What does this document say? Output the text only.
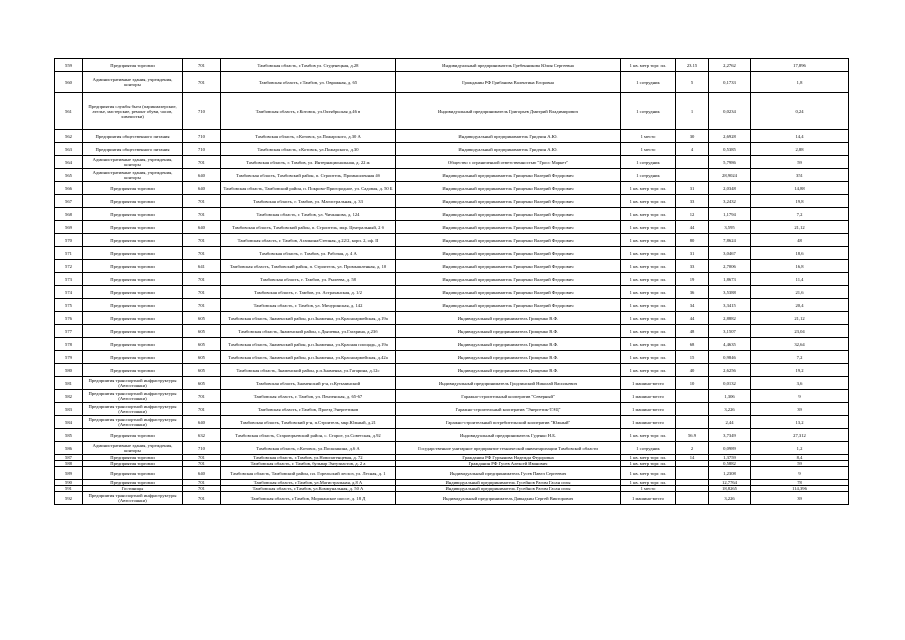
559	Предприятия торговли	701	Тамбовская область, г.Тамбов ул. Студенецкая, д.28	Индивидуальный предприниматель Гребенникова Юлия Сергеевна	1 кв. метр торг. пл.	23.15	2,2762	17,896
560	Административные здания, учреждения, конторы	701	Тамбовская область, г.Тамбов, ул. Овражная, д. 65	Гражданин РФ Грибанова Валентина Егоровна	1 сотрудник	5	0,1733	1,8
561	Предприятия службы быта (парикмахерские, ателье, мастерские, ремонт обуви, часов, химчистки)	710	Тамбовская область, г.Котовск, ул.Октябрьская д.46 в	Индивидуальный предприниматель Григорьев Дмитрий Владимирович	1 сотрудник	1	0,0234	0,24
562	Предприятия общественного питания	710	Тамбовская область, г.Котовск, ул.Пожарского, д.30 А	Индивидуальный предприниматель Гридчин А.Ю.	1 место	30	2,6928	14,4
563	Предприятия общественного питания	710	Тамбовская область, г.Котовск, ул.Пожарского, д.30	Индивидуальный предприниматель Гридчин А.Ю.	1 место	4	0,5385	2,88
564	Административные здания, учреждения, конторы	701	Тамбовская область, г. Тамбов, ул. Интернациональная, д. 22 ж	Общество с ограниченной ответственностью "Гросс Маркет"	1 сотрудник		5,7986	59
565	Административные здания, учреждения, конторы	640	Тамбовская область, Тамбовский район, п. Строитель, Промышленная 4б	Индивидуальный предприниматель Грищенко Валерий Федорович	1 сотрудник		28,9024	351
566	Предприятия торговли	640	Тамбовская область, Тамбовский район, п. Покрово-Пригородное, ул. Садовая, д. 50 Б	Индивидуальный предприниматель Грищенко Валерий Федорович	1 кв. метр торг. пл.	31	2,0348	14,88
567	Предприятия торговли	701	Тамбовская область, г. Тамбов, ул. Магистральная, д. 33	Индивидуальный предприниматель Грищенко Валерий Федорович	1 кв. метр торг. пл.	33	3,2432	19,8
568	Предприятия торговли	701	Тамбовская область, г. Тамбов, ул. Чичканова, д. 124	Индивидуальный предприниматель Грищенко Валерий Федорович	1 кв. метр торг. пл.	12	1,1794	7,2
569	Предприятия торговли	640	Тамбовская область, Тамбовский район, п. Строитель, мкр. Центральный, 2 б	Индивидуальный предприниматель Грищенко Валерий Федорович	1 кв. метр торг. пл.	44	3,595	21,12
570	Предприятия торговли	701	Тамбовская область, г. Тамбов, Агапкина/Степная, д.22/2, корп. 2, оф. II	Индивидуальный предприниматель Грищенко Валерий Федорович	1 кв. метр торг. пл.	80	7,8624	48
571	Предприятия торговли	701	Тамбовская область, г. Тамбов, ул. Рабочая, д. 4 А	Индивидуальный предприниматель Грищенко Валерий Федорович	1 кв. метр торг. пл.	31	3,0467	18,6
572	Предприятия торговли	641	Тамбовская область, Тамбовский район, п. Строитель, ул. Промышленная, д. 10	Индивидуальный предприниматель Грищенко Валерий Федорович	1 кв. метр торг. пл.	33	2,7006	16,8
573	Предприятия торговли	701	Тамбовская область, г. Тамбов, ул. Рылеева, д. 58	Индивидуальный предприниматель Грищенко Валерий Федорович	1 кв. метр торг. пл.	19	1,8673	11,4
574	Предприятия торговли	701	Тамбовская область, г. Тамбов, ул. Астраханская, д. 1/2	Индивидуальный предприниматель Грищенко Валерий Федорович	1 кв. метр торг. пл.	36	3,5388	21,6
575	Предприятия торговли	701	Тамбовская область, г. Тамбов, ул. Мичуринская, д. 142	Индивидуальный предприниматель Грищенко Валерий Федорович	1 кв. метр торг. пл.	34	3,3415	20,4
576	Предприятия торговли	605	Тамбовская область, Знаменский район, р.п.Знаменка, ул.Красноармейская, д.19а	Индивидуальный предприниматель Грищенко В.Ф.	1 кв. метр торг. пл.	44	2,8882	21,12
577	Предприятия торговли	605	Тамбовская область, Знаменский район, с.Дьячевка, ул.Гагарина, д.23б	Индивидуальный предприниматель Грищенко В.Ф.	1 кв. метр торг. пл.	48	3,1507	23,04
578	Предприятия торговли	605	Тамбовская область, Знаменский район, р.п.Знаменка, ул.Красная площадь, д.19а	Индивидуальный предприниматель Грищенко В.Ф.	1 кв. метр торг. пл.	68	4,4635	32,64
579	Предприятия торговли	605	Тамбовская область, Знаменский район, р.п.Знаменка, ул.Красноармейская, д.42а	Индивидуальный предприниматель Грищенко В.Ф.	1 кв. метр торг. пл.	15	0,9846	7,2
580	Предприятия торговли	605	Тамбовская область, Знаменский район, р.п.Знаменка, ул.Гагарина, д.12с	Индивидуальный предприниматель Грищенко В.Ф.	1 кв. метр торг. пл.	40	2,6256	19,2
581	Предприятия транспортной инфраструктуры (Автостоянки)	605	Тамбовская область, Знаменский р-н, п.Кутьминский	Индивидуальный предприниматель Гродзинский Николай Васильевич	1 машино-место	10	0,0132	3,6
582	Предприятия транспортной инфраструктуры (Автостоянки)	701	Тамбовская область, г. Тамбов, ул. Пензенская, д. 65-67	Гаражно-строительный кооператив "Северный"	1 машино-место		1,306	9
583	Предприятия транспортной инфраструктуры (Автостоянки)	701	Тамбовская область, г.Тамбов, Проезд Энергетиков	Гаражно-строительный кооператив "Энергетик-ТЭЦ"	1 машино-место		3,226	39
584	Предприятия транспортной инфраструктуры (Автостоянки)	640	Тамбовская область, Тамбовский р-н, п.Строитель, мкр.Южный, д.21	Гаражно-строительный потребительский кооператив "Южный"	1 машино-место		2,44	13,2
585	Предприятия торговли	632	Тамбовская область, Староюрьевский район, с. Старое, ул.Советская, д.92	Индивидуальный предприниматель Гуденко Н.Б.	1 кв. метр торг. пл.	56.9	3,7349	27,312
586	Административные здания, учреждения, конторы	710	Тамбовская область, г.Котовск, ул.Посконкина, д.6 А	Государственное унитарное предприятие технической инвентаризации Тамбовской области	1 сотрудник	2	0,0989	1,2
587	Предприятия торговли	701	Тамбовская область, г.Тамбов, ул.Новопатенцевая, д. 72	Гражданин РФ Гурьянова Надежда Федоровна	1 кв. метр торг. пл.	14	1,3759	8,4
588	Предприятия торговли	701	Тамбовская область, г. Тамбов, бульвар Энтузиастов, д. 2 а	Гражданин РФ Гусев Алексей Иванович	1 кв. метр торг. пл.		0,5882	59
589	Предприятия торговли	640	Тамбовская область, Тамбовский район, пл. Горельский лесхоз, ул. Лесная, д. 1	Индивидуальный предприниматель Гусев Павел Сергеевич	1 кв. метр торг. пл.		1,2308	9
590	Предприятия торговли	701	Тамбовская область, г.Тамбов, ул.Магистральная, д.8 А	Индивидуальный предприниматель Гусейнов Рагим Гасан оглы	1 кв. метр торг. пл.		12,7764	78
591	Гостиницы	701	Тамбовская область, г.Тамбов, ул.Коммунальная, д. 50 А	Индивидуальный предприниматель Гусейнов Рагим Гасан оглы	1 место		18,8265	114,396
592	Предприятия транспортной инфраструктуры (Автостоянки)	701	Тамбовская область, г.Тамбов, Моршанское шоссе, д. 18 Д	Индивидуальный предприниматель Давыдкин Сергей Викторович	1 машино-место		3,226	39
